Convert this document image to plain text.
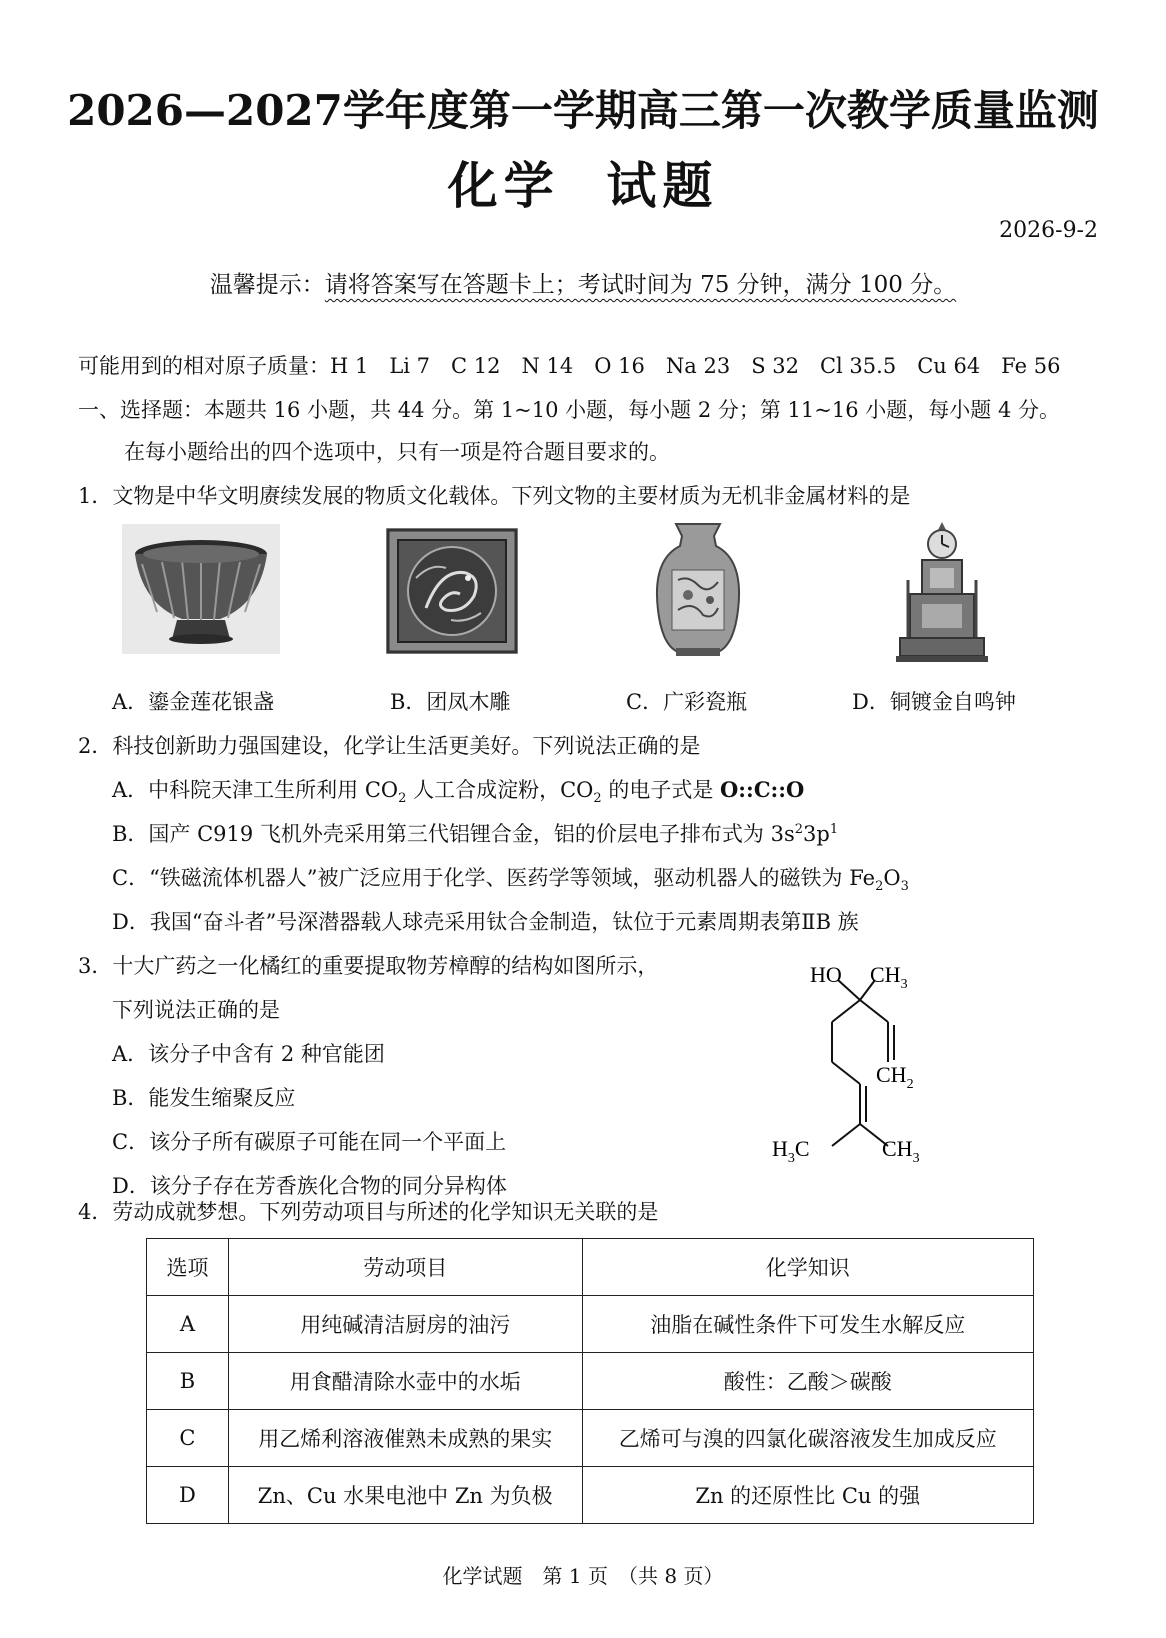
2026—2027学年度第一学期高三第一次教学质量监测
化学  试题
2026-9-2
温馨提示：请将答案写在答题卡上；考试时间为 75 分钟，满分 100 分。
可能用到的相对原子质量：H 1　Li 7　C 12　N 14　O 16　Na 23　S 32　Cl 35.5　Cu 64　Fe 56
一、选择题：本题共 16 小题，共 44 分。第 1~10 小题，每小题 2 分；第 11~16 小题，每小题 4 分。
在每小题给出的四个选项中，只有一项是符合题目要求的。
1．文物是中华文明赓续发展的物质文化载体。下列文物的主要材质为无机非金属材料的是
A．鎏金莲花银盏	B．团凤木雕	C．广彩瓷瓶	D．铜镀金自鸣钟
2．科技创新助力强国建设，化学让生活更美好。下列说法正确的是
A．中科院天津工生所利用 $CO_2$ 人工合成淀粉，$CO_2$ 的电子式是 O::C::O
B．国产 C919 飞机外壳采用第三代铝锂合金，铝的价层电子排布式为 $3s^23p^1$
C．“铁磁流体机器人”被广泛应用于化学、医药学等领域，驱动机器人的磁铁为 $Fe_2O_3$
D．我国“奋斗者”号深潜器载人球壳采用钛合金制造，钛位于元素周期表第ⅡB 族
3．十大广药之一化橘红的重要提取物芳樟醇的结构如图所示，
下列说法正确的是
A．该分子中含有 2 种官能团
B．能发生缩聚反应
C．该分子所有碳原子可能在同一个平面上
D．该分子存在芳香族化合物的同分异构体
HO $CH_3$
$CH_2$
$H_3C$	$CH_3$
4．劳动成就梦想。下列劳动项目与所述的化学知识无关联的是
选项	劳动项目	化学知识
A	用纯碱清洁厨房的油污	油脂在碱性条件下可发生水解反应
B	用食醋清除水壶中的水垢	酸性：乙酸＞碳酸
C	用乙烯利溶液催熟未成熟的果实	乙烯可与溴的四氯化碳溶液发生加成反应
D	Zn、Cu 水果电池中 Zn 为负极	Zn 的还原性比 Cu 的强
化学试题　第 1 页　（共 8 页）
